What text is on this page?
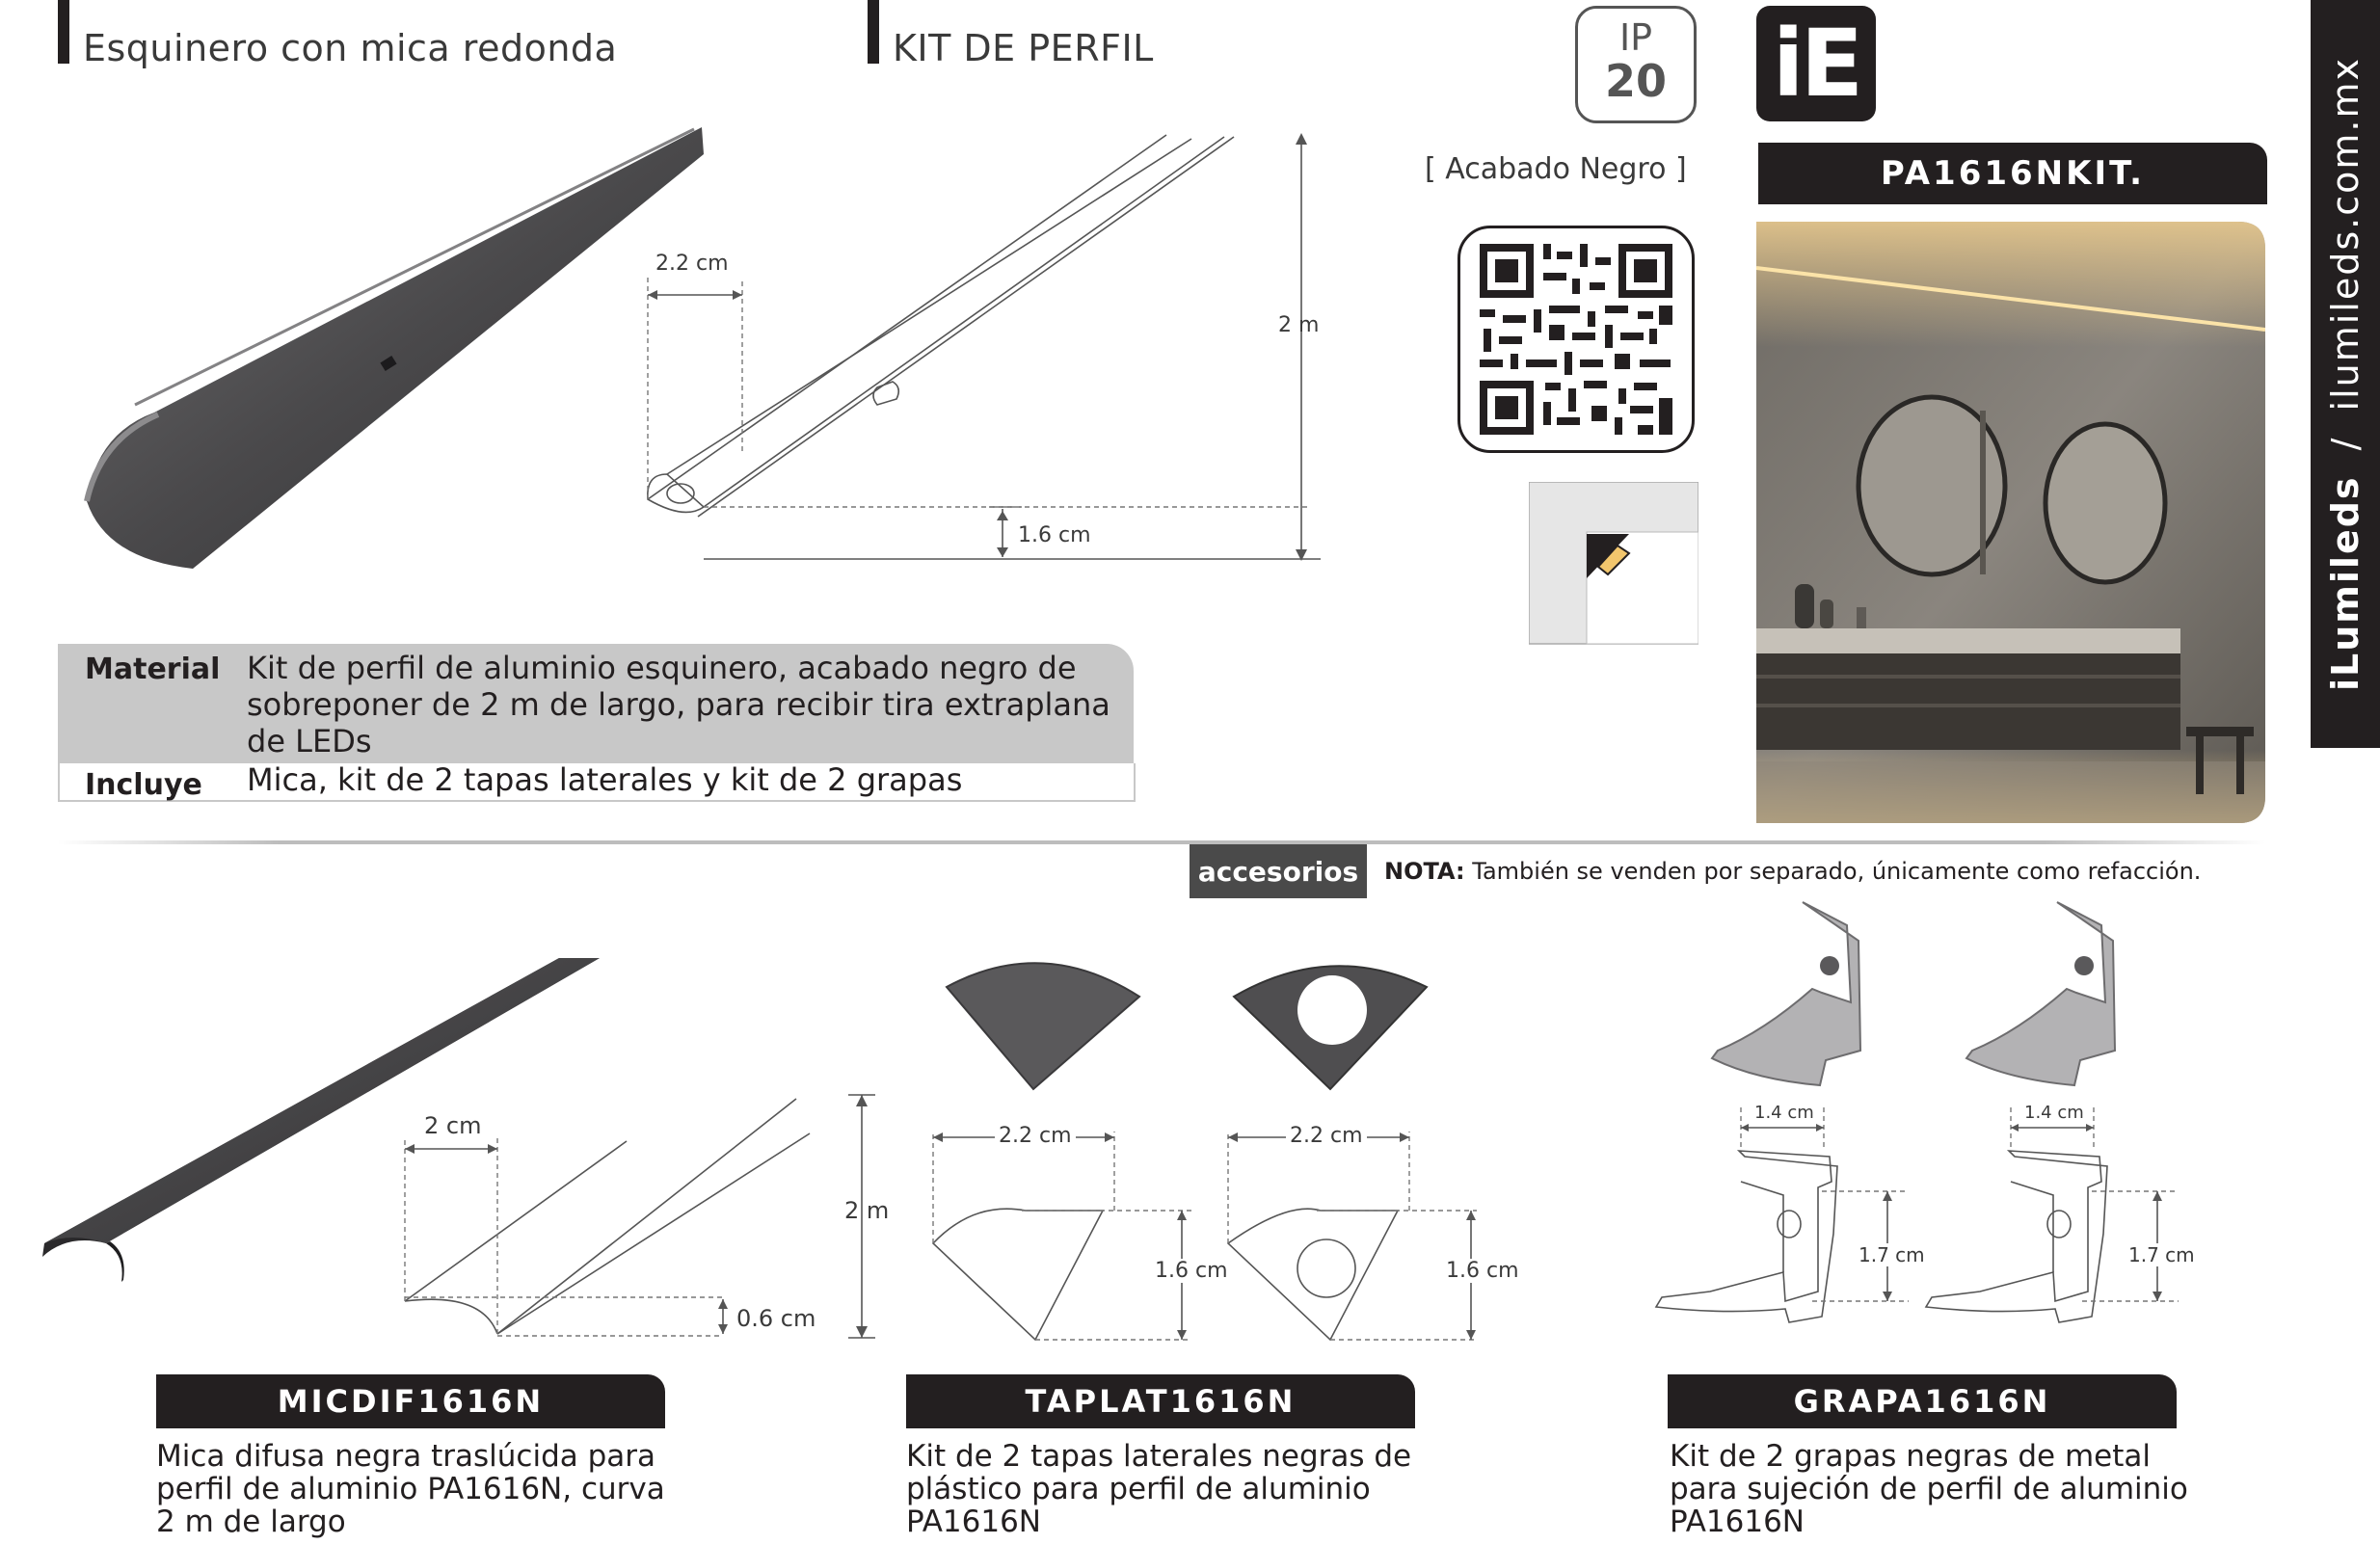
Esquinero con mica redonda	KIT DE PERFIL	IP
20 iE
[ Acabado Negro ]	PA1616NKIT.
iLumileds / ilumileds.com.mx
2.2 cm
2 m
1.6 cm
Material Kit de perfil de aluminio esquinero, acabado negro de sobreponer de 2 m de largo, para recibir tira extraplana de LEDs
Incluye Mica, kit de 2 tapas laterales y kit de 2 grapas
accesorios	NOTA: También se venden por separado, únicamente como refacción.
2 cm
0.6 cm
2 m
MICDIF1616N
Mica difusa negra traslúcida para perfil de aluminio PA1616N, curva 2 m de largo
2.2 cm
1.6 cm
2.2 cm
1.6 cm
TAPLAT1616N
Kit de 2 tapas laterales negras de plástico para perfil de aluminio PA1616N
1.4 cm
1.7 cm
1.4 cm
1.7 cm
GRAPA1616N
Kit de 2 grapas negras de metal para sujeción de perfil de aluminio PA1616N
